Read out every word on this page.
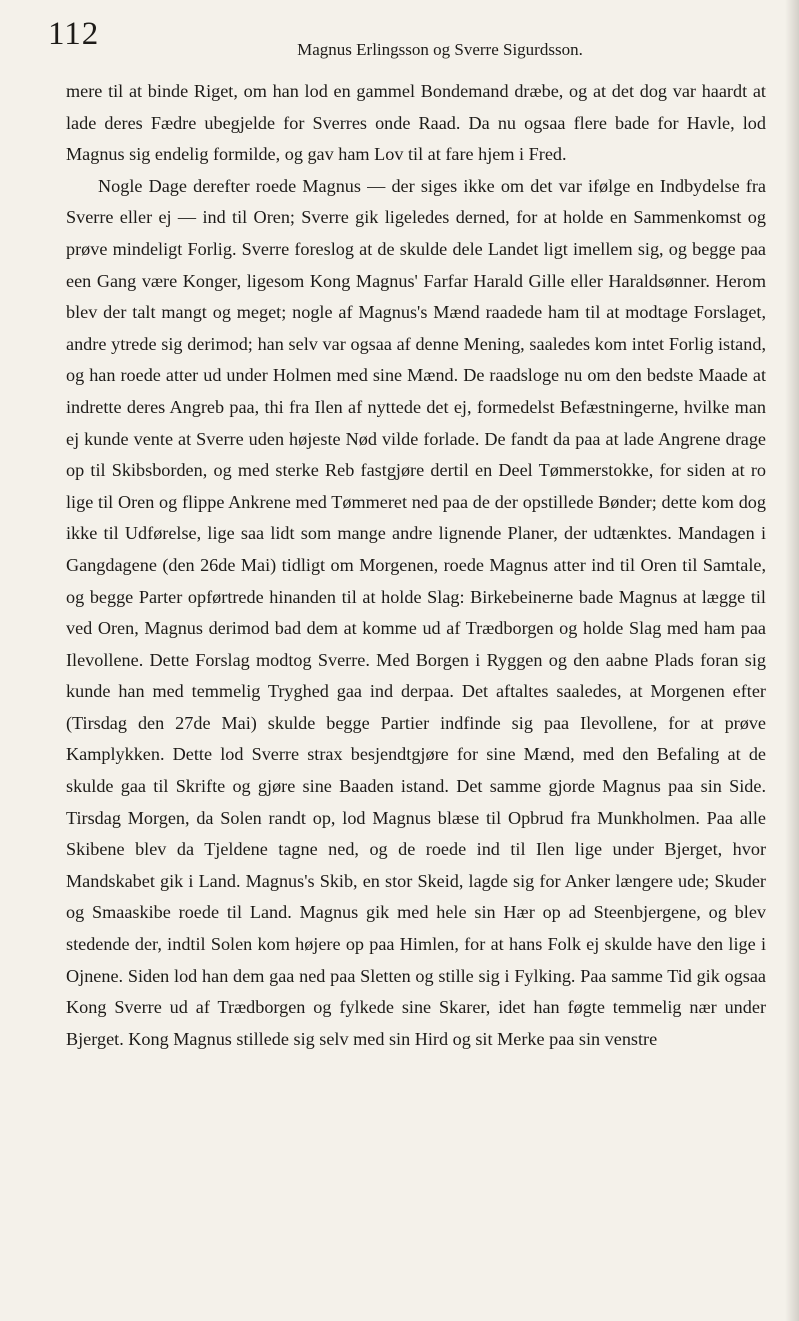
112	Magnus Erlingsson og Sverre Sigurdsson.

mere til at binde Riget, om han lod en gammel Bondemand dræbe, og at det dog var haardt at lade deres Fædre ubegjelde for Sverres onde Raad. Da nu ogsaa flere bade for Havle, lod Magnus sig endelig formilde, og gav ham Lov til at fare hjem i Fred.

Nogle Dage derefter roede Magnus — der siges ikke om det var ifølge en Indbydelse fra Sverre eller ej — ind til Oren; Sverre gik ligeledes derned, for at holde en Sammenkomst og prøve mindeligt Forlig. Sverre foreslog at de skulde dele Landet ligt imellem sig, og begge paa een Gang være Konger, ligesom Kong Magnus' Farfar Harald Gille eller Haraldsønner. Herom blev der talt mangt og meget; nogle af Magnus's Mænd raadede ham til at modtage Forslaget, andre ytrede sig derimod; han selv var ogsaa af denne Mening, saaledes kom intet Forlig istand, og han roede atter ud under Holmen med sine Mænd. De raadsloge nu om den bedste Maade at indrette deres Angreb paa, thi fra Ilen af nyttede det ej, formedelst Befæstningerne, hvilke man ej kunde vente at Sverre uden højeste Nød vilde forlade. De fandt da paa at lade Angrene drage op til Skibsborden, og med sterke Reb fastgjøre dertil en Deel Tømmerstokke, for siden at ro lige til Oren og flippe Ankrene med Tømmeret ned paa de der opstillede Bønder; dette kom dog ikke til Udførelse, lige saa lidt som mange andre lignende Planer, der udtænktes. Mandagen i Gangdagene (den 26de Mai) tidligt om Morgenen, roede Magnus atter ind til Oren til Samtale, og begge Parter opførtrede hinanden til at holde Slag: Birkebeinerne bade Magnus at lægge til ved Oren, Magnus derimod bad dem at komme ud af Trædborgen og holde Slag med ham paa Ilevollene. Dette Forslag modtog Sverre. Med Borgen i Ryggen og den aabne Plads foran sig kunde han med temmelig Tryghed gaa ind derpaa. Det aftaltes saaledes, at Morgenen efter (Tirsdag den 27de Mai) skulde begge Partier indfinde sig paa Ilevollene, for at prøve Kamplykken. Dette lod Sverre strax besjendtgjøre for sine Mænd, med den Befaling at de skulde gaa til Skrifte og gjøre sine Baaden istand. Det samme gjorde Magnus paa sin Side. Tirsdag Morgen, da Solen randt op, lod Magnus blæse til Opbrud fra Munkholmen. Paa alle Skibene blev da Tjeldene tagne ned, og de roede ind til Ilen lige under Bjerget, hvor Mandskabet gik i Land. Magnus's Skib, en stor Skeid, lagde sig for Anker længere ude; Skuder og Smaaskibe roede til Land. Magnus gik med hele sin Hær op ad Steenbjergene, og blev stedende der, indtil Solen kom højere op paa Himlen, for at hans Folk ej skulde have den lige i Ojnene. Siden lod han dem gaa ned paa Sletten og stille sig i Fylking. Paa samme Tid gik ogsaa Kong Sverre ud af Trædborgen og fylkede sine Skarer, idet han føgte temmelig nær under Bjerget. Kong Magnus stillede sig selv med sin Hird og sit Merke paa sin venstre
